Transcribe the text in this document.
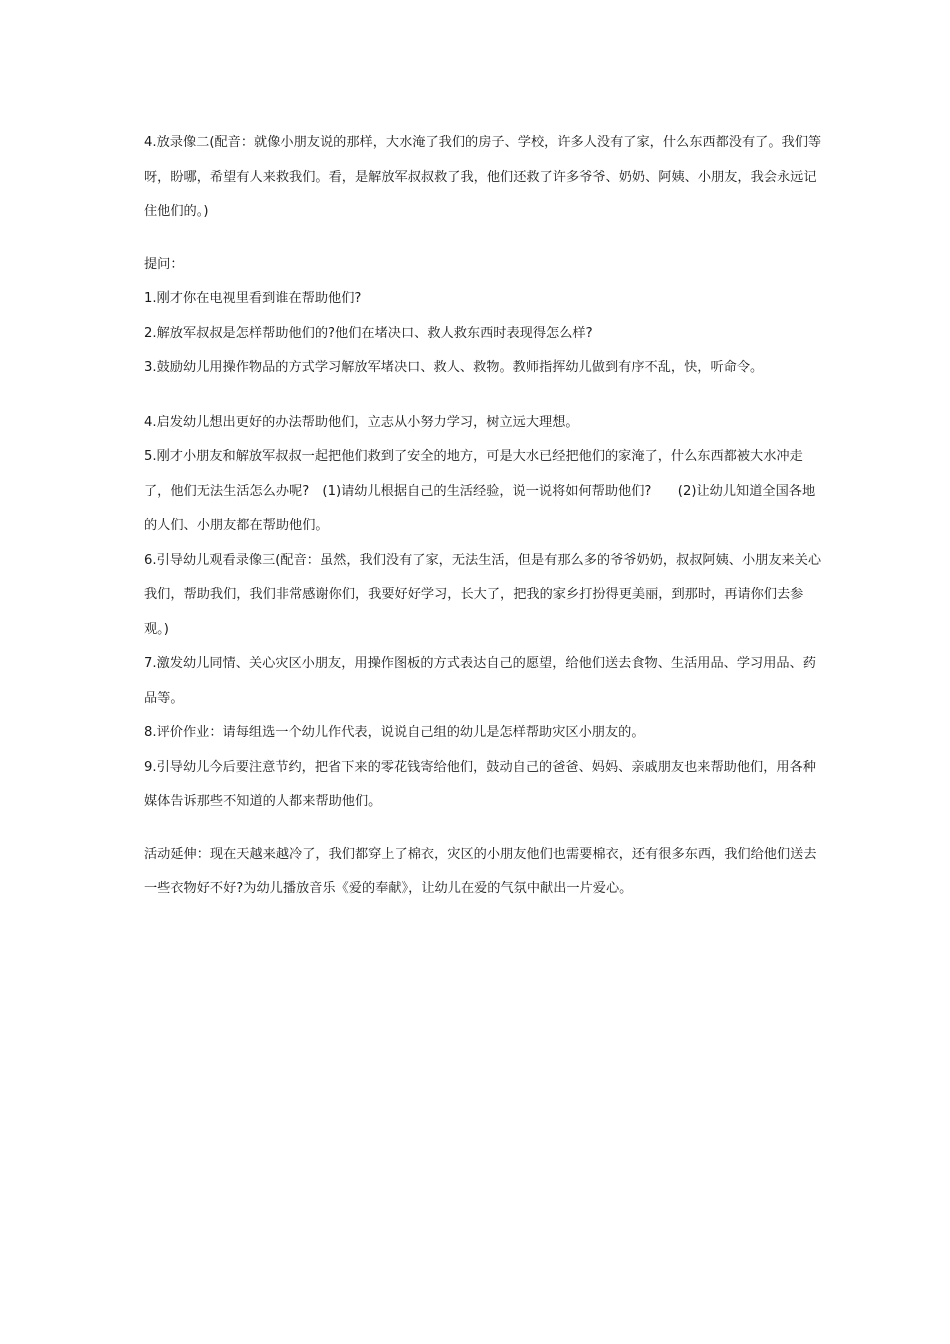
4.放录像二(配音：就像小朋友说的那样，大水淹了我们的房子、学校，许多人没有了家，什么东西都没有了。我们等呀，盼哪，希望有人来救我们。看，是解放军叔叔救了我，他们还救了许多爷爷、奶奶、阿姨、小朋友，我会永远记住他们的。)

提问：

1.刚才你在电视里看到谁在帮助他们?

2.解放军叔叔是怎样帮助他们的?他们在堵决口、救人救东西时表现得怎么样?

3.鼓励幼儿用操作物品的方式学习解放军堵决口、救人、救物。教师指挥幼儿做到有序不乱，快，听命令。

4.启发幼儿想出更好的办法帮助他们，立志从小努力学习，树立远大理想。

5.刚才小朋友和解放军叔叔一起把他们救到了安全的地方，可是大水已经把他们的家淹了，什么东西都被大水冲走了，他们无法生活怎么办呢?　(1)请幼儿根据自己的生活经验，说一说将如何帮助他们?　　(2)让幼儿知道全国各地的人们、小朋友都在帮助他们。

6.引导幼儿观看录像三(配音：虽然，我们没有了家，无法生活，但是有那么多的爷爷奶奶，叔叔阿姨、小朋友来关心我们，帮助我们，我们非常感谢你们，我要好好学习，长大了，把我的家乡打扮得更美丽，到那时，再请你们去参观。)

7.激发幼儿同情、关心灾区小朋友，用操作图板的方式表达自己的愿望，给他们送去食物、生活用品、学习用品、药品等。

8.评价作业：请每组选一个幼儿作代表，说说自己组的幼儿是怎样帮助灾区小朋友的。

9.引导幼儿今后要注意节约，把省下来的零花钱寄给他们，鼓动自己的爸爸、妈妈、亲戚朋友也来帮助他们，用各种媒体告诉那些不知道的人都来帮助他们。

活动延伸：现在天越来越冷了，我们都穿上了棉衣，灾区的小朋友他们也需要棉衣，还有很多东西，我们给他们送去一些衣物好不好?为幼儿播放音乐《爱的奉献》，让幼儿在爱的气氛中献出一片爱心。
